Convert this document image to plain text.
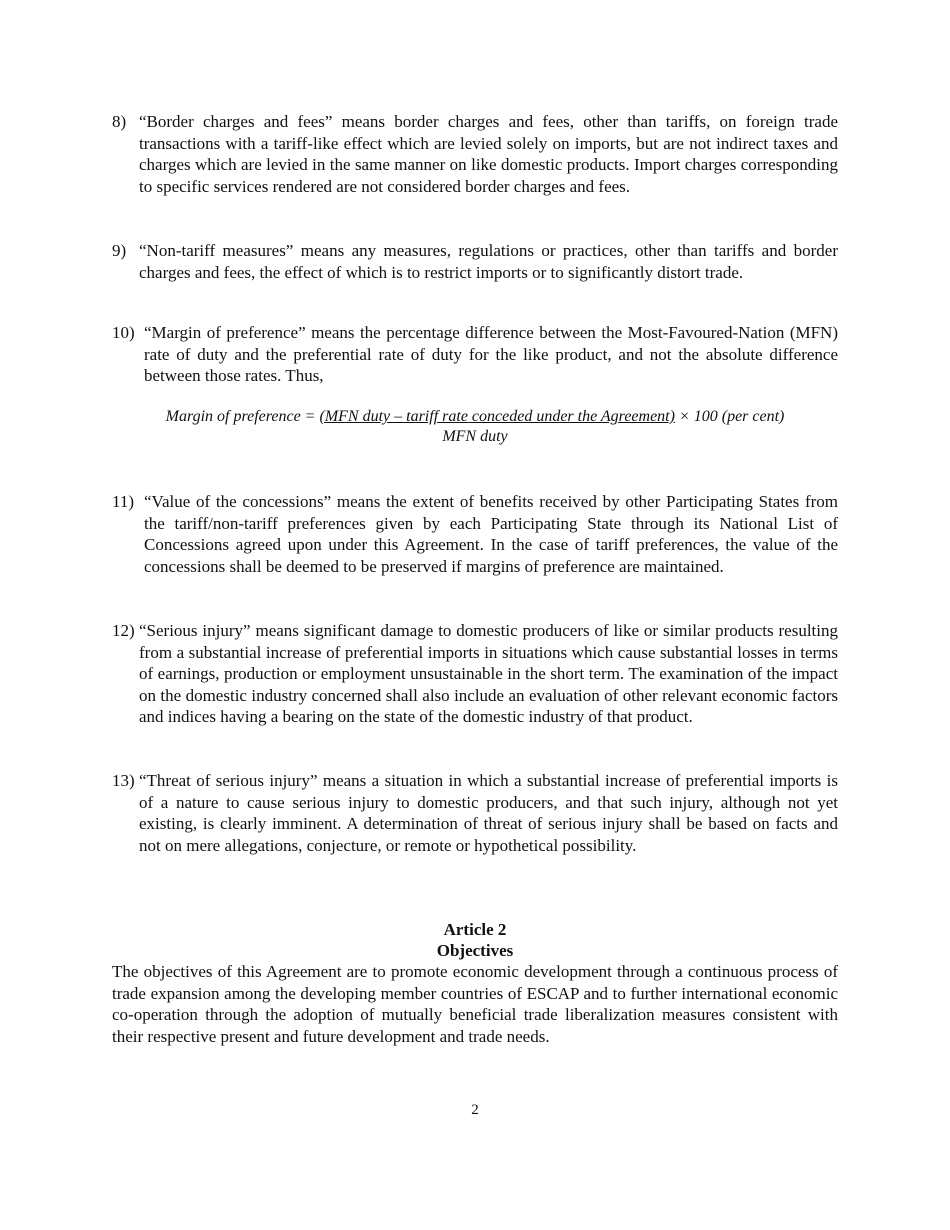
8) “Border charges and fees” means border charges and fees, other than tariffs, on foreign trade transactions with a tariff-like effect which are levied solely on imports, but are not indirect taxes and charges which are levied in the same manner on like domestic products. Import charges corresponding to specific services rendered are not considered border charges and fees.
9) “Non-tariff measures” means any measures, regulations or practices, other than tariffs and border charges and fees, the effect of which is to restrict imports or to significantly distort trade.
10) “Margin of preference” means the percentage difference between the Most-Favoured-Nation (MFN) rate of duty and the preferential rate of duty for the like product, and not the absolute difference between those rates. Thus,
Margin of preference = (MFN duty – tariff rate conceded under the Agreement) × 100 (per cent)
MFN duty
11) “Value of the concessions” means the extent of benefits received by other Participating States from the tariff/non-tariff preferences given by each Participating State through its National List of Concessions agreed upon under this Agreement. In the case of tariff preferences, the value of the concessions shall be deemed to be preserved if margins of preference are maintained.
12) “Serious injury” means significant damage to domestic producers of like or similar products resulting from a substantial increase of preferential imports in situations which cause substantial losses in terms of earnings, production or employment unsustainable in the short term. The examination of the impact on the domestic industry concerned shall also include an evaluation of other relevant economic factors and indices having a bearing on the state of the domestic industry of that product.
13) “Threat of serious injury” means a situation in which a substantial increase of preferential imports is of a nature to cause serious injury to domestic producers, and that such injury, although not yet existing, is clearly imminent. A determination of threat of serious injury shall be based on facts and not on mere allegations, conjecture, or remote or hypothetical possibility.
Article 2
Objectives
The objectives of this Agreement are to promote economic development through a continuous process of trade expansion among the developing member countries of ESCAP and to further international economic co-operation through the adoption of mutually beneficial trade liberalization measures consistent with their respective present and future development and trade needs.
2
